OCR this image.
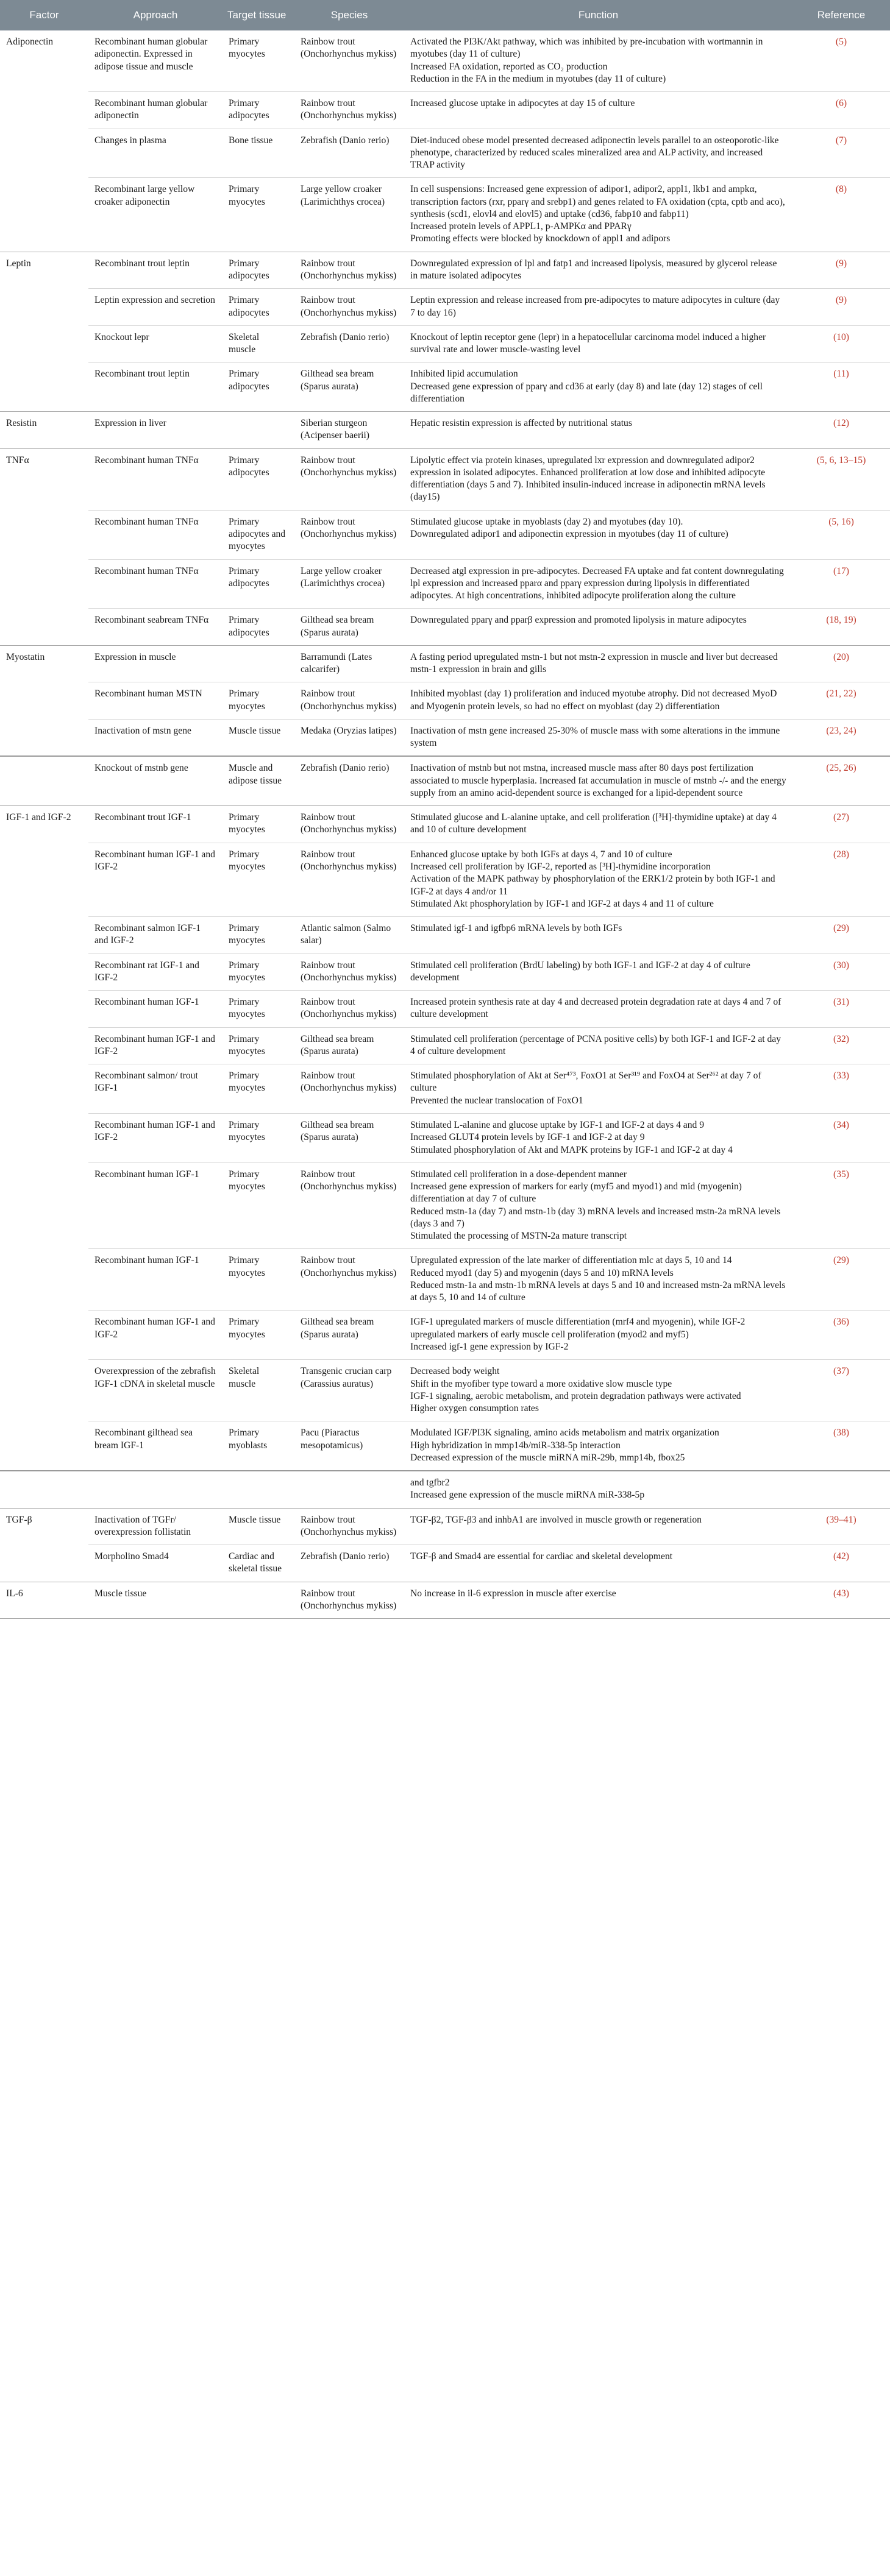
Factor	Approach	Target tissue	Species	Function	Reference
Adiponectin	Recombinant human globular adiponectin. Expressed in adipose tissue and muscle	Primary myocytes	Rainbow trout (Onchorhynchus mykiss)	Activated the PI3K/Akt pathway, which was inhibited by pre-incubation with wortmannin in myotubes (day 11 of culture)
Increased FA oxidation, reported as CO₂ production
Reduction in the FA in the medium in myotubes (day 11 of culture)	(5)
	Recombinant human globular adiponectin	Primary adipocytes	Rainbow trout (Onchorhynchus mykiss)	Increased glucose uptake in adipocytes at day 15 of culture	(6)
	Changes in plasma	Bone tissue	Zebrafish (Danio rerio)	Diet-induced obese model presented decreased adiponectin levels parallel to an osteoporotic-like phenotype, characterized by reduced scales mineralized area and ALP activity, and increased TRAP activity	(7)
	Recombinant large yellow croaker adiponectin	Primary myocytes	Large yellow croaker (Larimichthys crocea)	In cell suspensions: Increased gene expression of adipor1, adipor2, appl1, lkb1 and ampkα, transcription factors (rxr, pparγ and srebp1) and genes related to FA oxidation (cpta, cptb and aco), synthesis (scd1, elovl4 and elovl5) and uptake (cd36, fabp10 and fabp11)
Increased protein levels of APPL1, p-AMPKα and PPARγ
Promoting effects were blocked by knockdown of appl1 and adipors	(8)
Leptin	Recombinant trout leptin	Primary adipocytes	Rainbow trout (Onchorhynchus mykiss)	Downregulated expression of lpl and fatp1 and increased lipolysis, measured by glycerol release in mature isolated adipocytes	(9)
	Leptin expression and secretion	Primary adipocytes	Rainbow trout (Onchorhynchus mykiss)	Leptin expression and release increased from pre-adipocytes to mature adipocytes in culture (day 7 to day 16)	(9)
	Knockout lepr	Skeletal muscle	Zebrafish (Danio rerio)	Knockout of leptin receptor gene (lepr) in a hepatocellular carcinoma model induced a higher survival rate and lower muscle-wasting level	(10)
	Recombinant trout leptin	Primary adipocytes	Gilthead sea bream (Sparus aurata)	Inhibited lipid accumulation
Decreased gene expression of pparγ and cd36 at early (day 8) and late (day 12) stages of cell differentiation	(11)
Resistin	Expression in liver		Siberian sturgeon (Acipenser baerii)	Hepatic resistin expression is affected by nutritional status	(12)
TNFα	Recombinant human TNFα	Primary adipocytes	Rainbow trout (Onchorhynchus mykiss)	Lipolytic effect via protein kinases, upregulated lxr expression and downregulated adipor2 expression in isolated adipocytes. Enhanced proliferation at low dose and inhibited adipocyte differentiation (days 5 and 7). Inhibited insulin-induced increase in adiponectin mRNA levels (day15)	(5, 6, 13–15)
	Recombinant human TNFα	Primary adipocytes and myocytes	Rainbow trout (Onchorhynchus mykiss)	Stimulated glucose uptake in myoblasts (day 2) and myotubes (day 10).
Downregulated adipor1 and adiponectin expression in myotubes (day 11 of culture)	(5, 16)
	Recombinant human TNFα	Primary adipocytes	Large yellow croaker (Larimichthys crocea)	Decreased atgl expression in pre-adipocytes. Decreased FA uptake and fat content downregulating lpl expression and increased pparα and pparγ expression during lipolysis in differentiated adipocytes. At high concentrations, inhibited adipocyte proliferation along the culture	(17)
	Recombinant seabream TNFα	Primary adipocytes	Gilthead sea bream (Sparus aurata)	Downregulated pparγ and pparβ expression and promoted lipolysis in mature adipocytes	(18, 19)
Myostatin	Expression in muscle		Barramundi (Lates calcarifer)	A fasting period upregulated mstn-1 but not mstn-2 expression in muscle and liver but decreased mstn-1 expression in brain and gills	(20)
	Recombinant human MSTN	Primary myocytes	Rainbow trout (Onchorhynchus mykiss)	Inhibited myoblast (day 1) proliferation and induced myotube atrophy. Did not decreased MyoD and Myogenin protein levels, so had no effect on myoblast (day 2) differentiation	(21, 22)
	Inactivation of mstn gene	Muscle tissue	Medaka (Oryzias latipes)	Inactivation of mstn gene increased 25-30% of muscle mass with some alterations in the immune system	(23, 24)
	Knockout of mstnb gene	Muscle and adipose tissue	Zebrafish (Danio rerio)	Inactivation of mstnb but not mstna, increased muscle mass after 80 days post fertilization associated to muscle hyperplasia. Increased fat accumulation in muscle of mstnb -/- and the energy supply from an amino acid-dependent source is exchanged for a lipid-dependent source	(25, 26)
IGF-1 and IGF-2	Recombinant trout IGF-1	Primary myocytes	Rainbow trout (Onchorhynchus mykiss)	Stimulated glucose and L-alanine uptake, and cell proliferation ([³H]-thymidine uptake) at day 4 and 10 of culture development	(27)
	Recombinant human IGF-1 and IGF-2	Primary myocytes	Rainbow trout (Onchorhynchus mykiss)	Enhanced glucose uptake by both IGFs at days 4, 7 and 10 of culture
Increased cell proliferation by IGF-2, reported as [³H]-thymidine incorporation
Activation of the MAPK pathway by phosphorylation of the ERK1/2 protein by both IGF-1 and IGF-2 at days 4 and/or 11
Stimulated Akt phosphorylation by IGF-1 and IGF-2 at days 4 and 11 of culture	(28)
	Recombinant salmon IGF-1 and IGF-2	Primary myocytes	Atlantic salmon (Salmo salar)	Stimulated igf-1 and igfbp6 mRNA levels by both IGFs	(29)
	Recombinant rat IGF-1 and IGF-2	Primary myocytes	Rainbow trout (Onchorhynchus mykiss)	Stimulated cell proliferation (BrdU labeling) by both IGF-1 and IGF-2 at day 4 of culture development	(30)
	Recombinant human IGF-1	Primary myocytes	Rainbow trout (Onchorhynchus mykiss)	Increased protein synthesis rate at day 4 and decreased protein degradation rate at days 4 and 7 of culture development	(31)
	Recombinant human IGF-1 and IGF-2	Primary myocytes	Gilthead sea bream (Sparus aurata)	Stimulated cell proliferation (percentage of PCNA positive cells) by both IGF-1 and IGF-2 at day 4 of culture development	(32)
	Recombinant salmon/ trout IGF-1	Primary myocytes	Rainbow trout (Onchorhynchus mykiss)	Stimulated phosphorylation of Akt at Ser⁴⁷³, FoxO1 at Ser³¹⁹ and FoxO4 at Ser²⁶² at day 7 of culture
Prevented the nuclear translocation of FoxO1	(33)
	Recombinant human IGF-1 and IGF-2	Primary myocytes	Gilthead sea bream (Sparus aurata)	Stimulated L-alanine and glucose uptake by IGF-1 and IGF-2 at days 4 and 9
Increased GLUT4 protein levels by IGF-1 and IGF-2 at day 9
Stimulated phosphorylation of Akt and MAPK proteins by IGF-1 and IGF-2 at day 4	(34)
	Recombinant human IGF-1	Primary myocytes	Rainbow trout (Onchorhynchus mykiss)	Stimulated cell proliferation in a dose-dependent manner
Increased gene expression of markers for early (myf5 and myod1) and mid (myogenin) differentiation at day 7 of culture
Reduced mstn-1a (day 7) and mstn-1b (day 3) mRNA levels and increased mstn-2a mRNA levels (days 3 and 7)
Stimulated the processing of MSTN-2a mature transcript	(35)
	Recombinant human IGF-1	Primary myocytes	Rainbow trout (Onchorhynchus mykiss)	Upregulated expression of the late marker of differentiation mlc at days 5, 10 and 14
Reduced myod1 (day 5) and myogenin (days 5 and 10) mRNA levels
Reduced mstn-1a and mstn-1b mRNA levels at days 5 and 10 and increased mstn-2a mRNA levels at days 5, 10 and 14 of culture	(29)
	Recombinant human IGF-1 and IGF-2	Primary myocytes	Gilthead sea bream (Sparus aurata)	IGF-1 upregulated markers of muscle differentiation (mrf4 and myogenin), while IGF-2 upregulated markers of early muscle cell proliferation (myod2 and myf5)
Increased igf-1 gene expression by IGF-2	(36)
	Overexpression of the zebrafish IGF-1 cDNA in skeletal muscle	Skeletal muscle	Transgenic crucian carp (Carassius auratus)	Decreased body weight
Shift in the myofiber type toward a more oxidative slow muscle type
IGF-1 signaling, aerobic metabolism, and protein degradation pathways were activated
Higher oxygen consumption rates	(37)
	Recombinant gilthead sea bream IGF-1	Primary myoblasts	Pacu (Piaractus mesopotamicus)	Modulated IGF/PI3K signaling, amino acids metabolism and matrix organization
High hybridization in mmp14b/miR-338-5p interaction
Decreased expression of the muscle miRNA miR-29b, mmp14b, fbox25	(38)

				and tgfbr2
Increased gene expression of the muscle miRNA miR-338-5p	

TGF-β	Inactivation of TGFr/ overexpression follistatin	Muscle tissue	Rainbow trout (Onchorhynchus mykiss)	TGF-β2, TGF-β3 and inhbA1 are involved in muscle growth or regeneration	(39–41)
	Morpholino Smad4	Cardiac and skeletal tissue	Zebrafish (Danio rerio)	TGF-β and Smad4 are essential for cardiac and skeletal development	(42)
IL-6	Muscle tissue		Rainbow trout (Onchorhynchus mykiss)	No increase in il-6 expression in muscle after exercise	(43)
